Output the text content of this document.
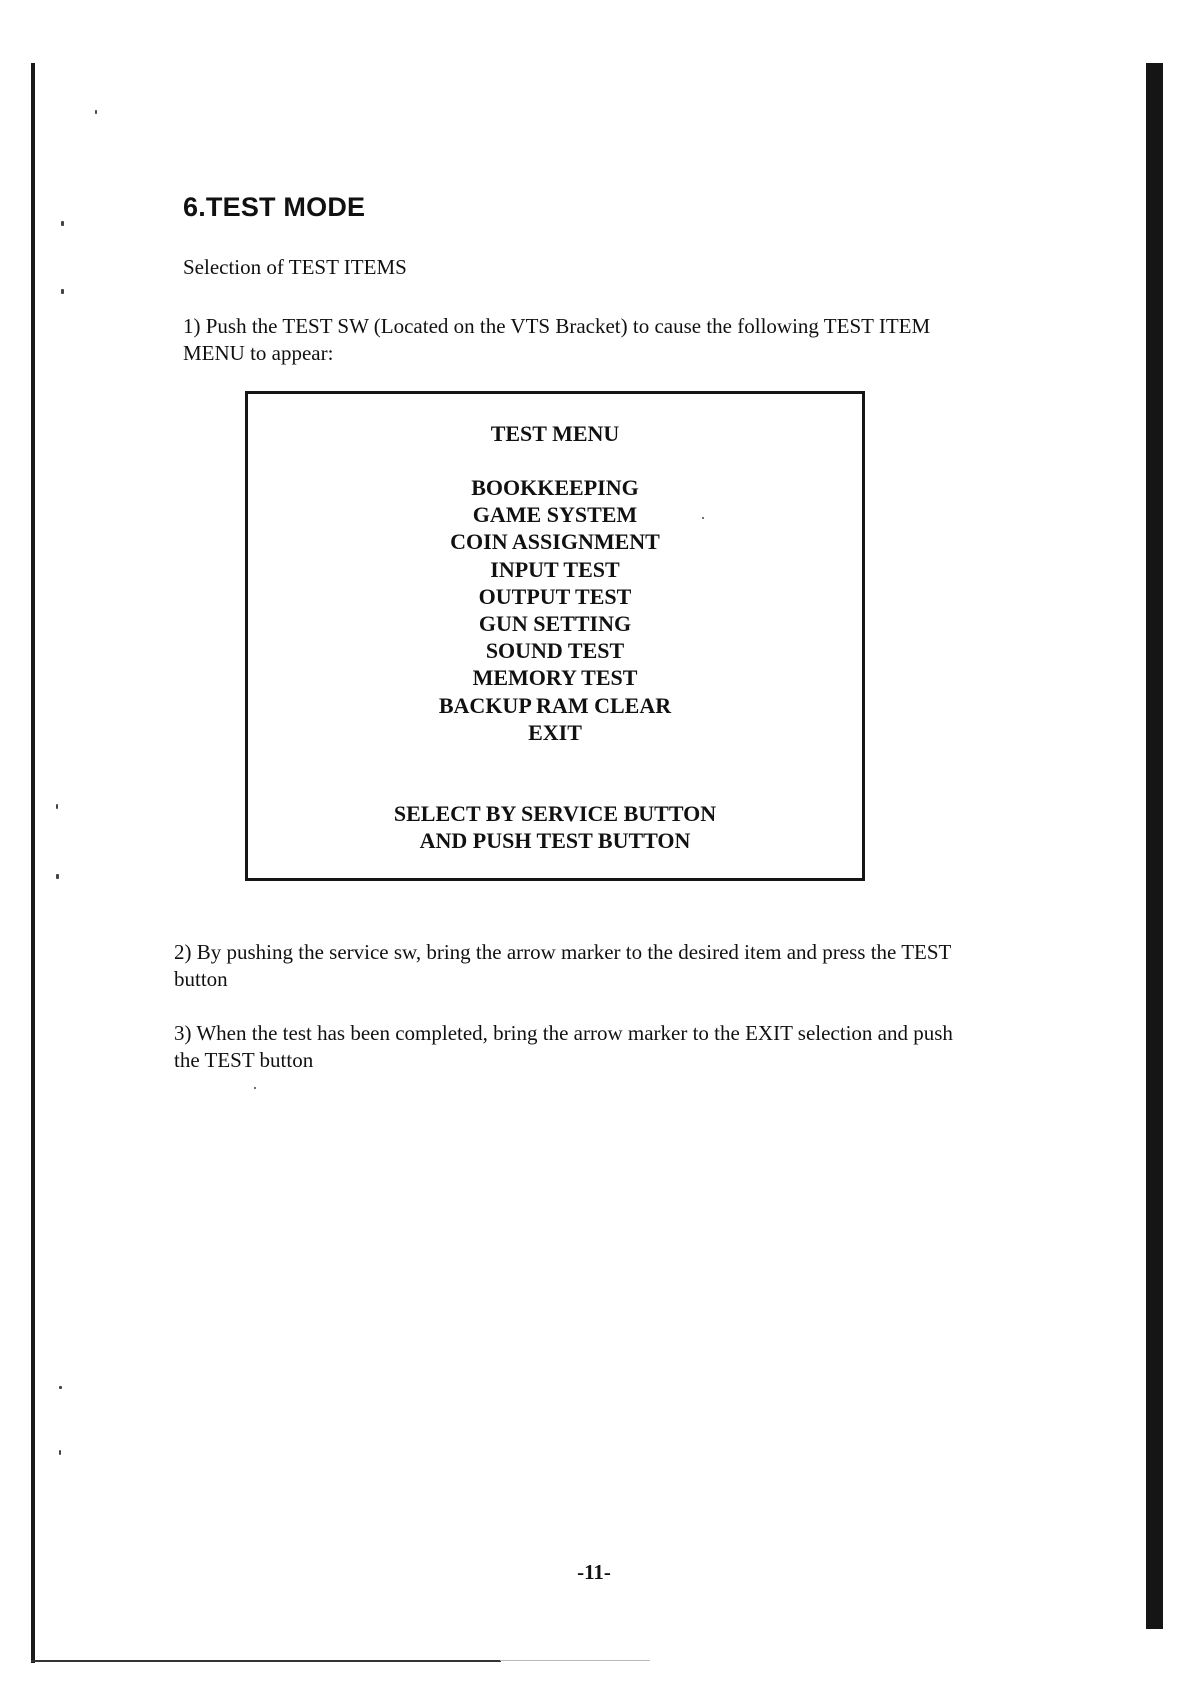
6.TEST MODE

Selection of TEST ITEMS

1) Push the TEST SW (Located on the VTS Bracket) to cause the following TEST ITEM MENU to appear:

TEST MENU

BOOKKEEPING
GAME SYSTEM
COIN ASSIGNMENT
INPUT TEST
OUTPUT TEST
GUN SETTING
SOUND TEST
MEMORY TEST
BACKUP RAM CLEAR
EXIT
SELECT BY SERVICE BUTTON
AND PUSH TEST BUTTON

2) By pushing the service sw, bring the arrow marker to the desired item and press the TEST button

3) When the test has been completed, bring the arrow marker to the EXIT selection and push the TEST button

-11-
